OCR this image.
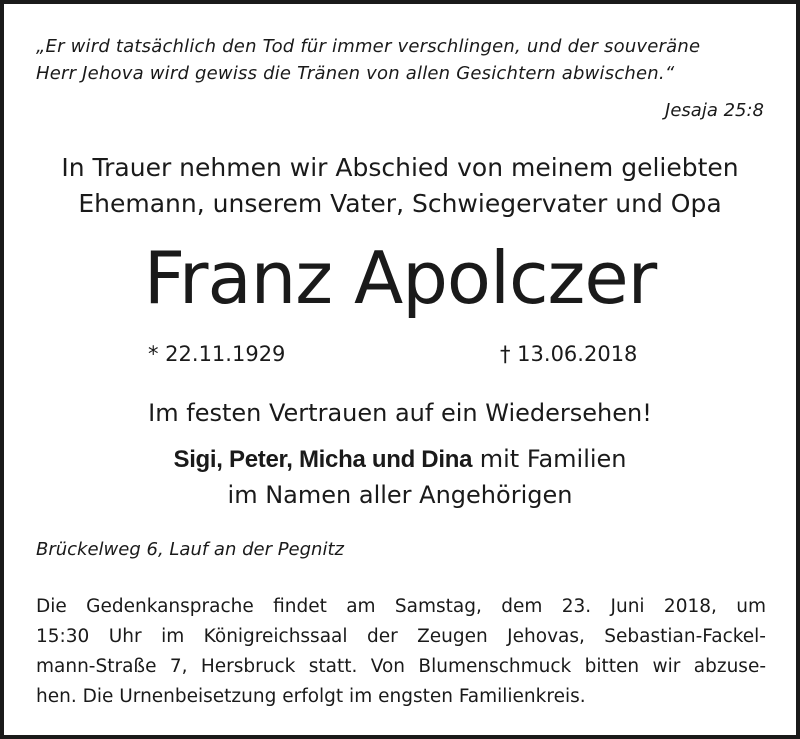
„Er wird tatsächlich den Tod für immer verschlingen, und der souveräne
Herr Jehova wird gewiss die Tränen von allen Gesichtern abwischen.“
Jesaja 25:8
In Trauer nehmen wir Abschied von meinem geliebten
Ehemann, unserem Vater, Schwiegervater und Opa
Franz Apolczer
* 22.11.1929	† 13.06.2018
Im festen Vertrauen auf ein Wiedersehen!
Sigi, Peter, Micha und Dina mit Familien
im Namen aller Angehörigen
Brückelweg 6, Lauf an der Pegnitz
Die Gedenkansprache findet am Samstag, dem 23. Juni 2018, um
15:30 Uhr im Königreichssaal der Zeugen Jehovas, Sebastian-Fackel-
mann-Straße 7, Hersbruck statt. Von Blumenschmuck bitten wir abzuse-
hen. Die Urnenbeisetzung erfolgt im engsten Familienkreis.
